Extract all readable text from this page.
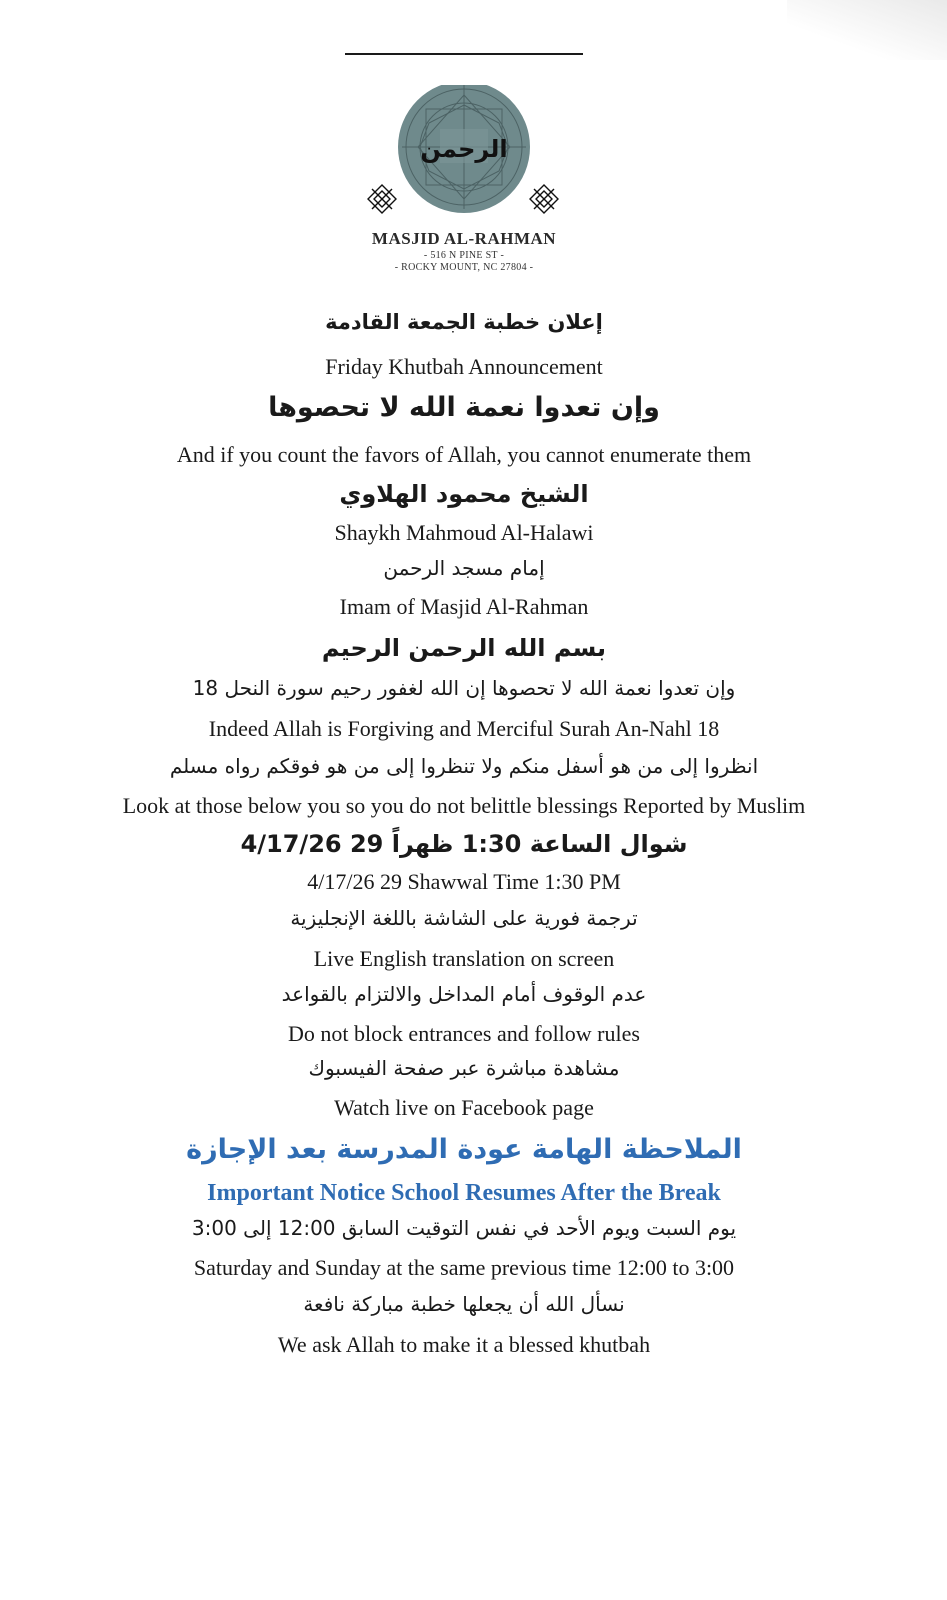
الرحمن
MASJID AL-RAHMAN
- 516 N PINE ST -
- ROCKY MOUNT, NC 27804 -
إعلان خطبة الجمعة القادمة
Friday Khutbah Announcement
وإن تعدوا نعمة الله لا تحصوها
And if you count the favors of Allah, you cannot enumerate them
الشيخ محمود الهلاوي
Shaykh Mahmoud Al-Halawi
إمام مسجد الرحمن
Imam of Masjid Al-Rahman
بسم الله الرحمن الرحيم
وإن تعدوا نعمة الله لا تحصوها إن الله لغفور رحيم سورة النحل 18
Indeed Allah is Forgiving and Merciful Surah An-Nahl 18
انظروا إلى من هو أسفل منكم ولا تنظروا إلى من هو فوقكم رواه مسلم
Look at those below you so you do not belittle blessings Reported by Muslim
شوال الساعة 1:30 ظهراً 29 4/17/26
4/17/26 29 Shawwal Time 1:30 PM
ترجمة فورية على الشاشة باللغة الإنجليزية
Live English translation on screen
عدم الوقوف أمام المداخل والالتزام بالقواعد
Do not block entrances and follow rules
مشاهدة مباشرة عبر صفحة الفيسبوك
Watch live on Facebook page
الملاحظة الهامة عودة المدرسة بعد الإجازة
Important Notice School Resumes After the Break
يوم السبت ويوم الأحد في نفس التوقيت السابق 12:00 إلى 3:00
Saturday and Sunday at the same previous time 12:00 to 3:00
نسأل الله أن يجعلها خطبة مباركة نافعة
We ask Allah to make it a blessed khutbah
